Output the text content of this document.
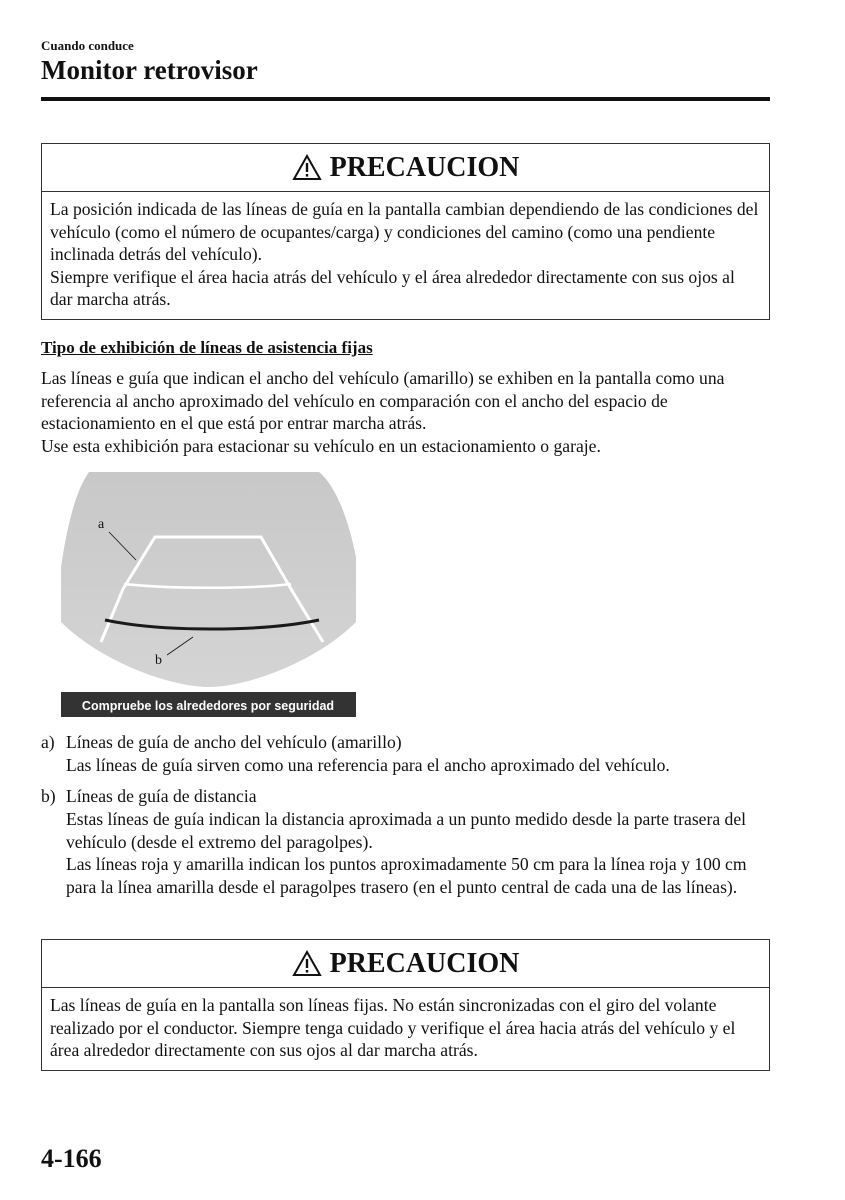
Cuando conduce
Monitor retrovisor
PRECAUCION

La posición indicada de las líneas de guía en la pantalla cambian dependiendo de las condiciones del vehículo (como el número de ocupantes/carga) y condiciones del camino (como una pendiente inclinada detrás del vehículo).

Siempre verifique el área hacia atrás del vehículo y el área alrededor directamente con sus ojos al dar marcha atrás.

Tipo de exhibición de líneas de asistencia fijas

Las líneas e guía que indican el ancho del vehículo (amarillo) se exhiben en la pantalla como una referencia al ancho aproximado del vehículo en comparación con el ancho del espacio de estacionamiento en el que está por entrar marcha atrás.

Use esta exhibición para estacionar su vehículo en un estacionamiento o garaje.

a
b
Compruebe los alrededores por seguridad
a) Líneas de guía de ancho del vehículo (amarillo)

Las líneas de guía sirven como una referencia para el ancho aproximado del vehículo.

b) Líneas de guía de distancia

Estas líneas de guía indican la distancia aproximada a un punto medido desde la parte trasera del vehículo (desde el extremo del paragolpes).

Las líneas roja y amarilla indican los puntos aproximadamente 50 cm para la línea roja y 100 cm para la línea amarilla desde el paragolpes trasero (en el punto central de cada una de las líneas).

PRECAUCION

Las líneas de guía en la pantalla son líneas fijas. No están sincronizadas con el giro del volante realizado por el conductor. Siempre tenga cuidado y verifique el área hacia atrás del vehículo y el área alrededor directamente con sus ojos al dar marcha atrás.

4-166
